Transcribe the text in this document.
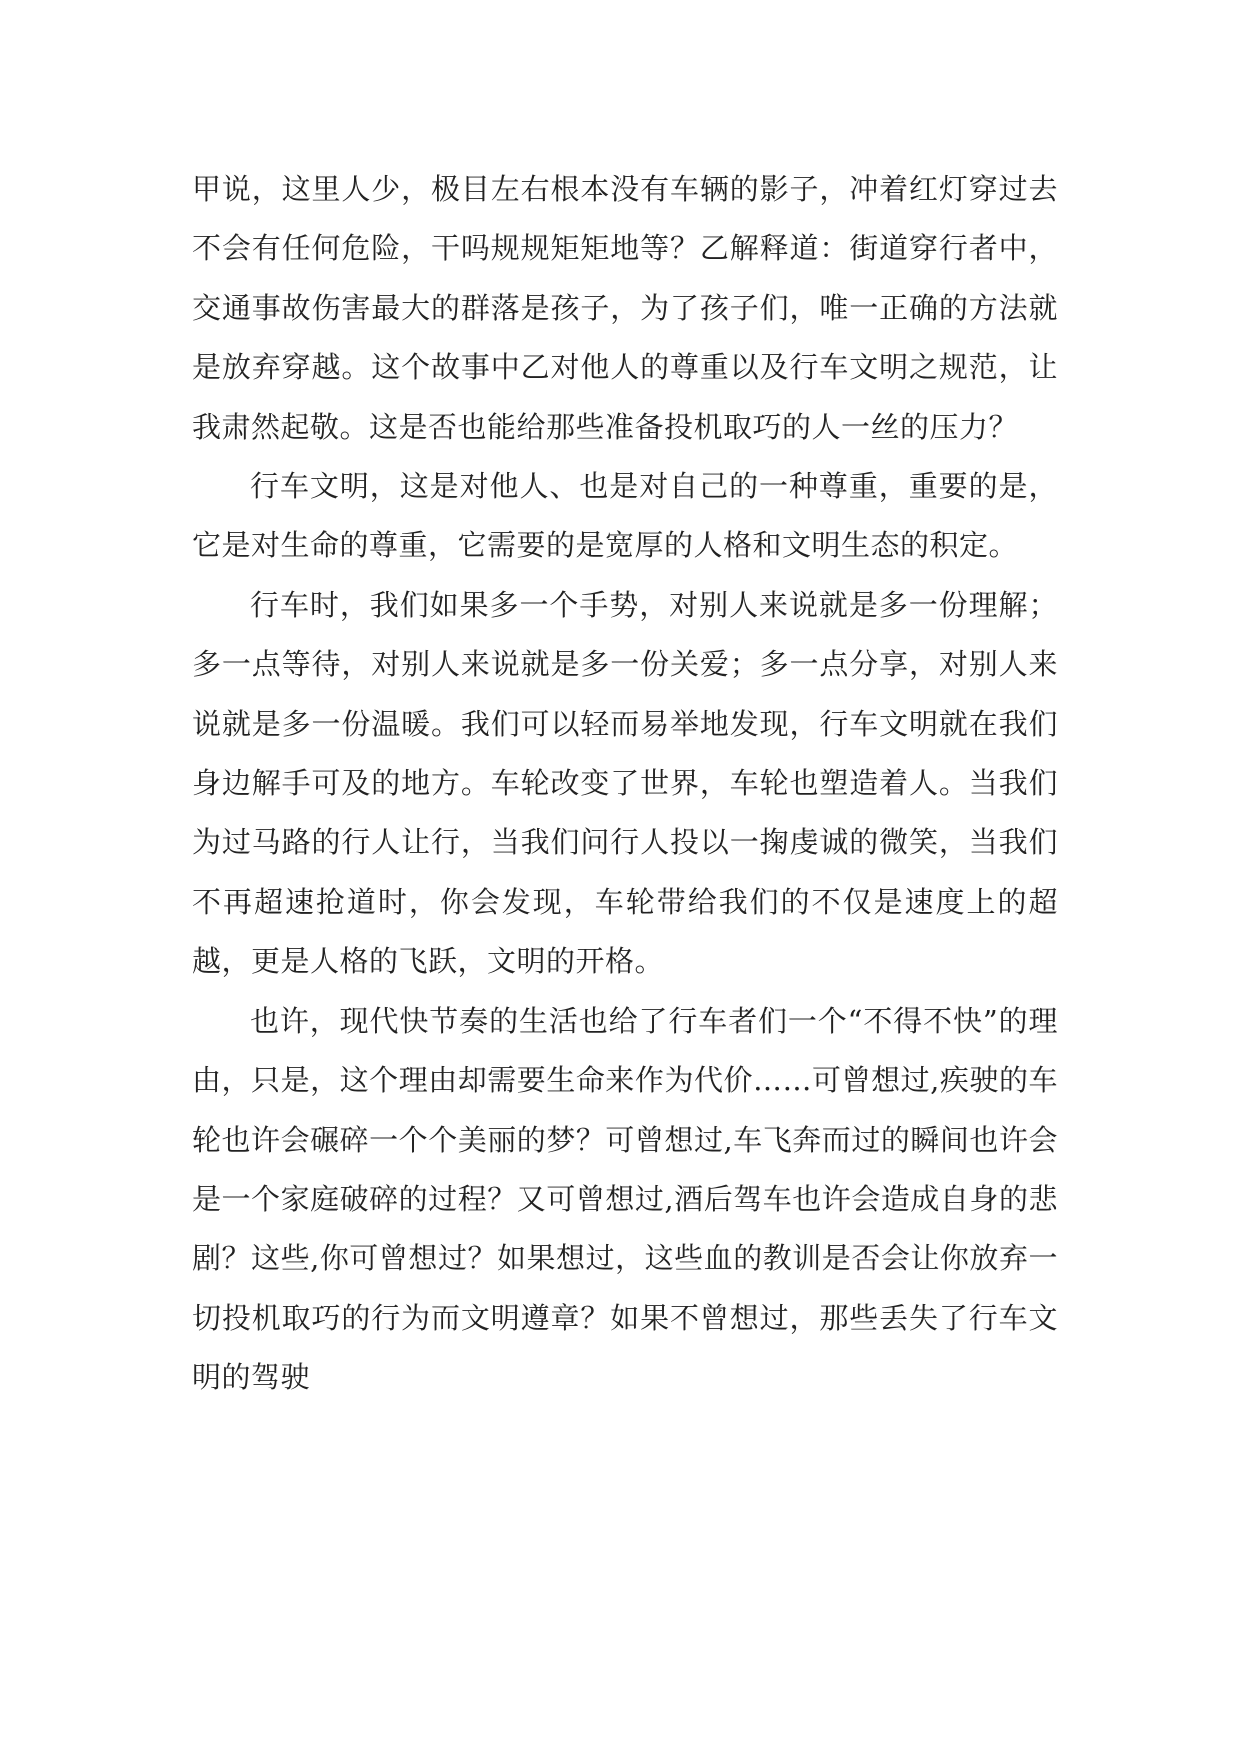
甲说，这里人少，极目左右根本没有车辆的影子，冲着红灯穿过去不会有任何危险，干吗规规矩矩地等？乙解释道：街道穿行者中，交通事故伤害最大的群落是孩子，为了孩子们，唯一正确的方法就是放弃穿越。这个故事中乙对他人的尊重以及行车文明之规范，让我肃然起敬。这是否也能给那些准备投机取巧的人一丝的压力？

行车文明，这是对他人、也是对自己的一种尊重，重要的是，它是对生命的尊重，它需要的是宽厚的人格和文明生态的积定。

行车时，我们如果多一个手势，对别人来说就是多一份理解；多一点等待，对别人来说就是多一份关爱；多一点分享，对别人来说就是多一份温暖。我们可以轻而易举地发现，行车文明就在我们身边解手可及的地方。车轮改变了世界，车轮也塑造着人。当我们为过马路的行人让行，当我们问行人投以一掬虔诚的微笑，当我们不再超速抢道时，你会发现，车轮带给我们的不仅是速度上的超越，更是人格的飞跃，文明的开格。

也许，现代快节奏的生活也给了行车者们一个“不得不快”的理由，只是，这个理由却需要生命来作为代价……可曾想过,疾驶的车轮也许会碾碎一个个美丽的梦？可曾想过,车飞奔而过的瞬间也许会是一个家庭破碎的过程？又可曾想过,酒后驾车也许会造成自身的悲剧？这些,你可曾想过？如果想过，这些血的教训是否会让你放弃一切投机取巧的行为而文明遵章？如果不曾想过，那些丢失了行车文明的驾驶
